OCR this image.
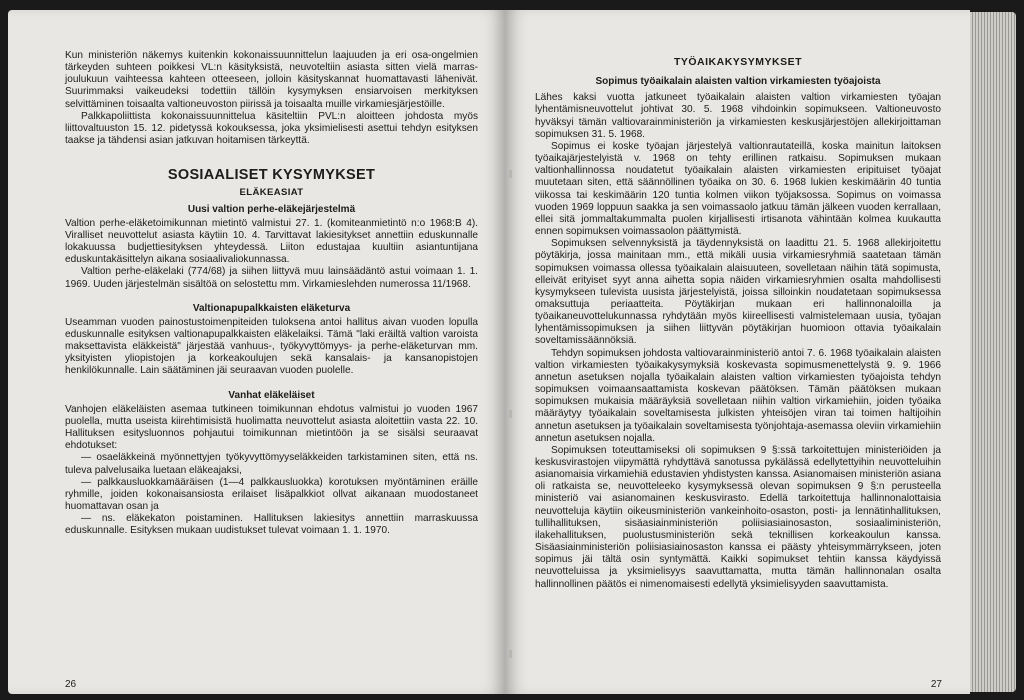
Kun ministeriön näkemys kuitenkin kokonaissuunnittelun laajuuden ja eri osa-ongelmien tärkeyden suhteen poikkesi VL:n käsityksistä, neuvoteltiin asiasta sitten vielä marras-joulukuun vaihteessa kahteen otteeseen, jolloin käsityskannat huomattavasti lähenivät. Suurimmaksi vaikeudeksi todettiin tällöin kysymyksen ensiarvoisen merkityksen selvittäminen toisaalta valtioneuvoston piirissä ja toisaalta muille virkamiesjärjestöille.

Palkkapoliittista kokonaissuunnittelua käsiteltiin PVL:n aloitteen johdosta myös liittovaltuuston 15. 12. pidetyssä kokouksessa, joka yksimielisesti asettui tehdyn esityksen taakse ja tähdensi asian jatkuvan hoitamisen tärkeyttä.

SOSIAALISET KYSYMYKSET
ELÄKEASIAT
Uusi valtion perhe-eläkejärjestelmä

Valtion perhe-eläketoimikunnan mietintö valmistui 27. 1. (komiteanmietintö n:o 1968:B 4). Viralliset neuvottelut asiasta käytiin 10. 4. Tarvittavat lakiesitykset annettiin eduskunnalle lokakuussa budjettiesityksen yhteydessä. Liiton edustajaa kuultiin asiantuntijana eduskuntakäsittelyn aikana sosiaalivaliokunnassa.

Valtion perhe-eläkelaki (774/68) ja siihen liittyvä muu lainsäädäntö astui voimaan 1. 1. 1969. Uuden järjestelmän sisältöä on selostettu mm. Virkamieslehden numerossa 11/1968.

Valtionapupalkkaisten eläketurva

Useamman vuoden painostustoimenpiteiden tuloksena antoi hallitus aivan vuoden lopulla eduskunnalle esityksen valtionapupalkkaisten eläkelaiksi. Tämä "laki eräiltä valtion varoista maksettavista eläkkeistä" järjestää vanhuus-, työkyvyttömyys- ja perhe-eläketurvan mm. yksityisten yliopistojen ja korkeakoulujen sekä kansalais- ja kansanopistojen henkilökunnalle. Lain säätäminen jäi seuraavan vuoden puolelle.

Vanhat eläkeläiset

Vanhojen eläkeläisten asemaa tutkineen toimikunnan ehdotus valmistui jo vuoden 1967 puolella, mutta useista kiirehtimisistä huolimatta neuvottelut asiasta aloitettiin vasta 22. 10. Hallituksen esitysluonnos pohjautui toimikunnan mietintöön ja se sisälsi seuraavat ehdotukset:

— osaeläkkeinä myönnettyjen työkyvyttömyyseläkkeiden tarkistaminen siten, että ns. tuleva palvelusaika luetaan eläkeajaksi,

— palkkausluokkamääräisen (1—4 palkkausluokka) korotuksen myöntäminen eräille ryhmille, joiden kokonaisansiosta erilaiset lisäpalkkiot ollvat aikanaan muodostaneet huomattavan osan ja

— ns. eläkekaton poistaminen. Hallituksen lakiesitys annettiin marraskuussa eduskunnalle. Esityksen mukaan uudistukset tulevat voimaan 1. 1. 1970.

26
TYÖAIKAKYSYMYKSET
Sopimus työaikalain alaisten valtion virkamiesten työajoista

Lähes kaksi vuotta jatkuneet työaikalain alaisten valtion virkamiesten työajan lyhentämisneuvottelut johtivat 30. 5. 1968 vihdoinkin sopimukseen. Valtioneuvosto hyväksyi tämän valtiovarainministeriön ja virkamiesten keskusjärjestöjen allekirjoittaman sopimuksen 31. 5. 1968.

Sopimus ei koske työajan järjestelyä valtionrautateillä, koska mainitun laitoksen työaikajärjestelyistä v. 1968 on tehty erillinen ratkaisu. Sopimuksen mukaan valtionhallinnossa noudatetut työaikalain alaisten virkamiesten eripituiset työajat muutetaan siten, että säännöllinen työaika on 30. 6. 1968 lukien keskimäärin 40 tuntia viikossa tai keskimäärin 120 tuntia kolmen viikon työjaksossa. Sopimus on voimassa vuoden 1969 loppuun saakka ja sen voimassaolo jatkuu tämän jälkeen vuoden kerrallaan, ellei sitä jommaltakummalta puolen kirjallisesti irtisanota vähintään kolmea kuukautta ennen sopimuksen voimassaolon päättymistä.

Sopimuksen selvennyksistä ja täydennyksistä on laadittu 21. 5. 1968 allekirjoitettu pöytäkirja, jossa mainitaan mm., että mikäli uusia virkamiesryhmiä saatetaan tämän sopimuksen voimassa ollessa työaikalain alaisuuteen, sovelletaan näihin tätä sopimusta, elleivät erityiset syyt anna aihetta sopia näiden virkamiesryhmien osalta mahdollisesti kysymykseen tulevista uusista järjestelyistä, joissa silloinkin noudatetaan sopimuksessa omaksuttuja periaatteita. Pöytäkirjan mukaan eri hallinnonaloilla ja työaikaneuvottelukunnassa ryhdytään myös kiireellisesti valmistelemaan uusia, työajan lyhentämissopimuksen ja siihen liittyvän pöytäkirjan huomioon ottavia työaikalain soveltamissäännöksiä.

Tehdyn sopimuksen johdosta valtiovarainministeriö antoi 7. 6. 1968 työaikalain alaisten valtion virkamiesten työaikakysymyksiä koskevasta sopimusmenettelystä 9. 9. 1966 annetun asetuksen nojalla työaikalain alaisten valtion virkamiesten työajoista tehdyn sopimuksen voimaansaattamista koskevan päätöksen. Tämän päätöksen mukaan sopimuksen mukaisia määräyksiä sovelletaan niihin valtion virkamiehiin, joiden työaika määräytyy työaikalain soveltamisesta julkisten yhteisöjen viran tai toimen haltijoihin annetun asetuksen ja työaikalain soveltamisesta työnjohtaja-asemassa oleviin virkamiehiin annetun asetuksen nojalla.

Sopimuksen toteuttamiseksi oli sopimuksen 9 §:ssä tarkoitettujen ministeriöiden ja keskusvirastojen viipymättä ryhdyttävä sanotussa pykälässä edellytettyihin neuvotteluihin asianomaisia virkamiehiä edustavien yhdistysten kanssa. Asianomaisen ministeriön asiana oli ratkaista se, neuvotteleeko kysymyksessä olevan sopimuksen 9 §:n perusteella ministeriö vai asianomainen keskusvirasto. Edellä tarkoitettuja hallinnonalottaisia neuvotteluja käytiin oikeusministeriön vankeinhoito-osaston, posti- ja lennätinhallituksen, tullihallituksen, sisäasiainministeriön poliisiasiainosaston, sosiaaliministeriön, ilakehallituksen, puolustusministeriön sekä teknillisen korkeakoulun kanssa. Sisäasiainministeriön poliisiasiainosaston kanssa ei päästy yhteisymmärrykseen, joten sopimus jäi tältä osin syntymättä. Kaikki sopimukset tehtiin kanssa käydyissä neuvotteluissa ja yksimielisyys saavuttamatta, mutta tämän hallinnonalan osalta hallinnollinen päätös ei nimenomaisesti edellytä yksimielisyyden saavuttamista.

27
